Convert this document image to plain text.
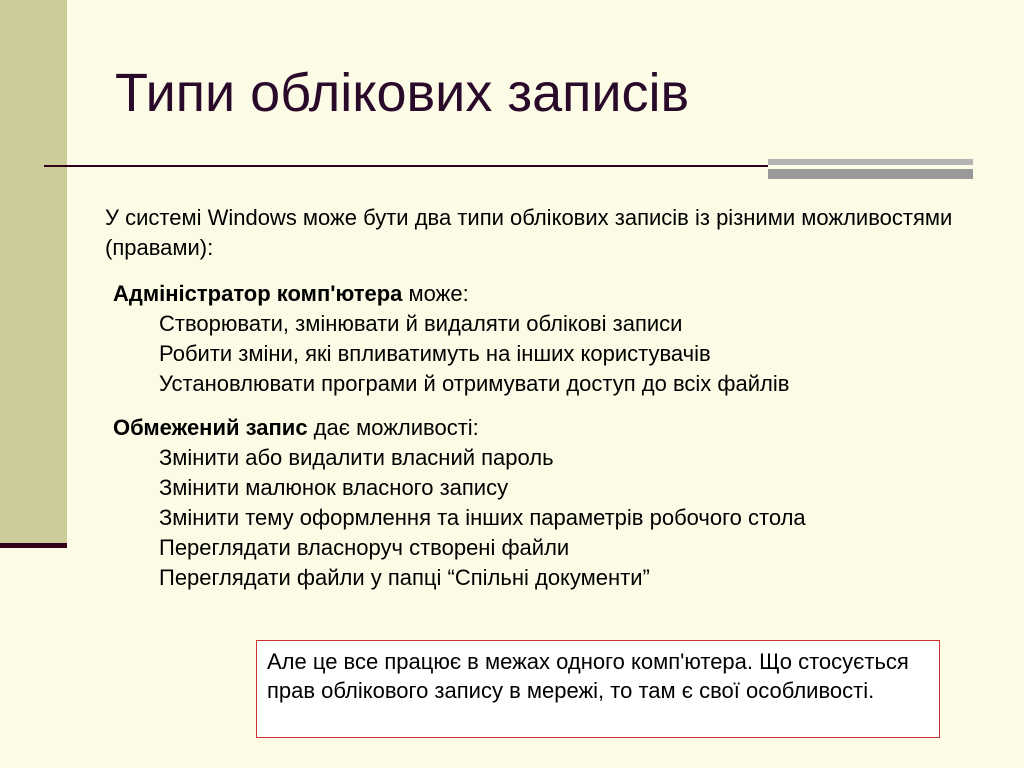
Типи облікових записів

У системі Windows може бути два типи облікових записів із різними можливостями (правами):

Адміністратор комп'ютера може:

Створювати, змінювати й видаляти облікові записи
Робити зміни, які впливатимуть на інших користувачів
Установлювати програми й отримувати доступ до всіх файлів

Обмежений запис дає можливості:

Змінити або видалити власний пароль
Змінити малюнок власного запису
Змінити тему оформлення та інших параметрів робочого стола
Переглядати власноруч створені файли
Переглядати файли у папці “Спільні документи”
Але це все працює в межах одного комп'ютера. Що стосується прав облікового запису в мережі, то там є свої особливості.
